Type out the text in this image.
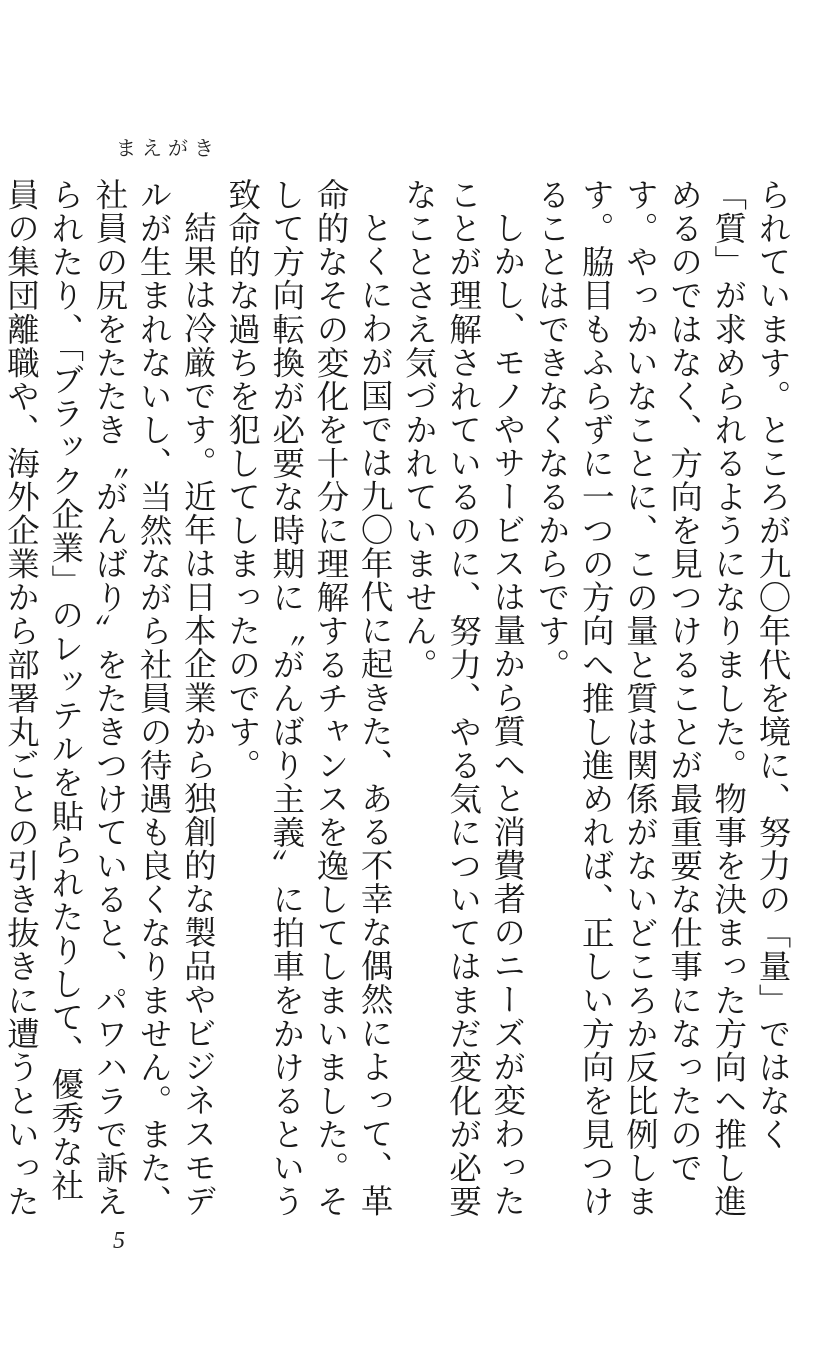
まえがき

られています。ところが九〇年代を境に、努力の「量」ではなく「質」が求められるようになりました。物事を決まった方向へ推し進めるのではなく、方向を見つけることが最重要な仕事になったのです。やっかいなことに、この量と質は関係がないどころか反比例します。脇目もふらずに一つの方向へ推し進めれば、正しい方向を見つけることはできなくなるからです。

しかし、モノやサービスは量から質へと消費者のニーズが変わったことが理解されているのに、努力、やる気についてはまだ変化が必要なことさえ気づかれていません。

とくにわが国では九〇年代に起きた、ある不幸な偶然によって、革命的なその変化を十分に理解するチャンスを逸してしまいました。そして方向転換が必要な時期に〝がんばり主義〟に拍車をかけるという致命的な過ちを犯してしまったのです。

結果は冷厳です。近年は日本企業から独創的な製品やビジネスモデルが生まれないし、当然ながら社員の待遇も良くなりません。また、社員の尻をたたき〝がんばり〟をたきつけていると、パワハラで訴えられたり、「ブラック企業」のレッテルを貼られたりして、優秀な社員の集団離職や、海外企業から部署丸ごとの引き抜きに遭うといった

5
